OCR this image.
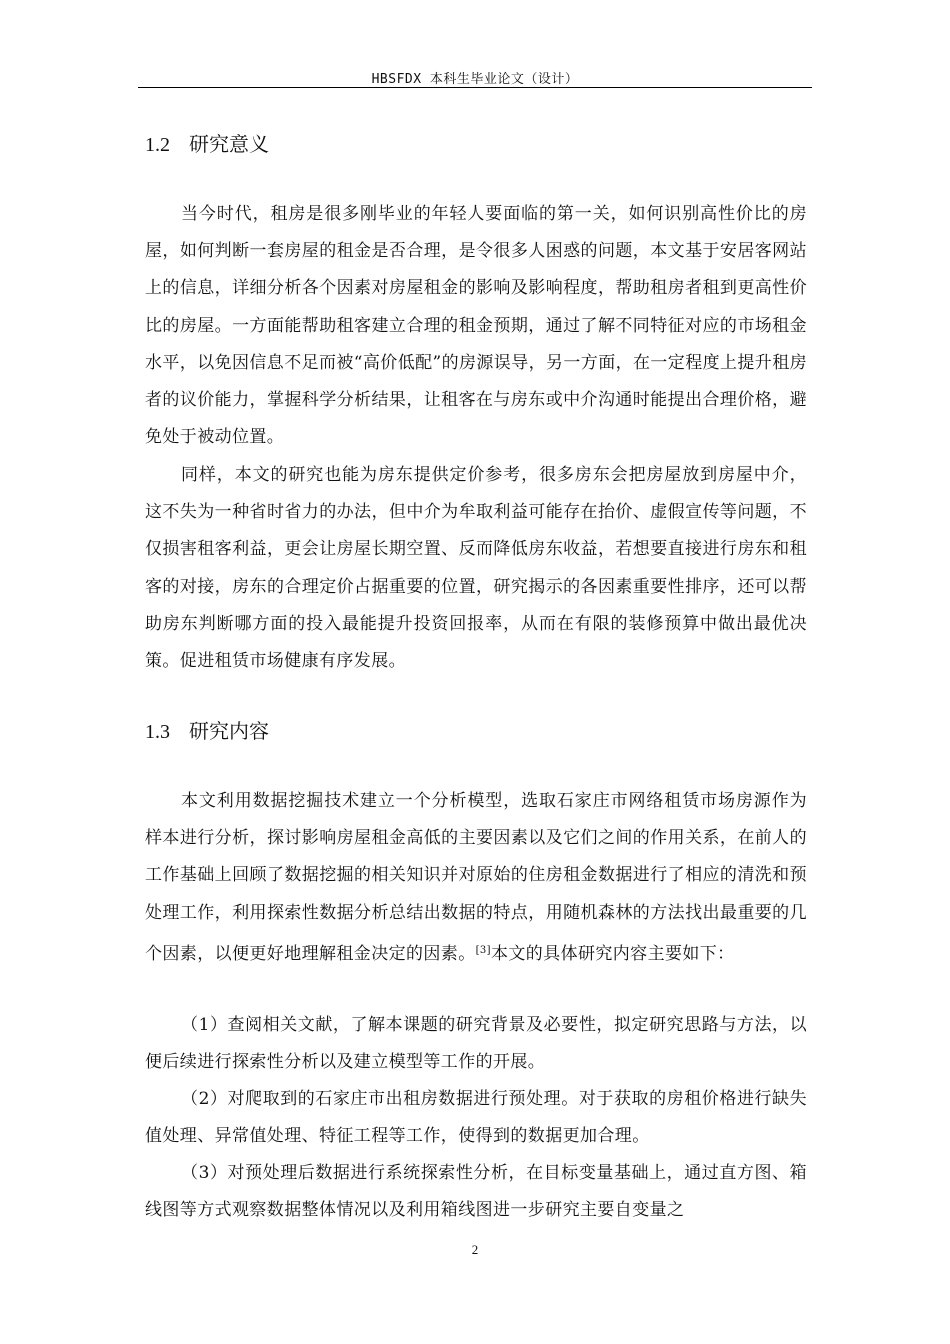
HBSFDX 本科生毕业论文（设计）
1.2 研究意义

当今时代，租房是很多刚毕业的年轻人要面临的第一关，如何识别高性价比的房屋，如何判断一套房屋的租金是否合理，是令很多人困惑的问题，本文基于安居客网站上的信息，详细分析各个因素对房屋租金的影响及影响程度，帮助租房者租到更高性价比的房屋。一方面能帮助租客建立合理的租金预期，通过了解不同特征对应的市场租金水平，以免因信息不足而被“高价低配”的房源误导，另一方面，在一定程度上提升租房者的议价能力，掌握科学分析结果，让租客在与房东或中介沟通时能提出合理价格，避免处于被动位置。

同样，本文的研究也能为房东提供定价参考，很多房东会把房屋放到房屋中介，这不失为一种省时省力的办法，但中介为牟取利益可能存在抬价、虚假宣传等问题，不仅损害租客利益，更会让房屋长期空置、反而降低房东收益，若想要直接进行房东和租客的对接，房东的合理定价占据重要的位置，研究揭示的各因素重要性排序，还可以帮助房东判断哪方面的投入最能提升投资回报率，从而在有限的装修预算中做出最优决策。促进租赁市场健康有序发展。

1.3 研究内容

本文利用数据挖掘技术建立一个分析模型，选取石家庄市网络租赁市场房源作为样本进行分析，探讨影响房屋租金高低的主要因素以及它们之间的作用关系，在前人的工作基础上回顾了数据挖掘的相关知识并对原始的住房租金数据进行了相应的清洗和预处理工作，利用探索性数据分析总结出数据的特点，用随机森林的方法找出最重要的几个因素，以便更好地理解租金决定的因素。[3]本文的具体研究内容主要如下：

（1）查阅相关文献，了解本课题的研究背景及必要性，拟定研究思路与方法，以便后续进行探索性分析以及建立模型等工作的开展。

（2）对爬取到的石家庄市出租房数据进行预处理。对于获取的房租价格进行缺失值处理、异常值处理、特征工程等工作，使得到的数据更加合理。

（3）对预处理后数据进行系统探索性分析，在目标变量基础上，通过直方图、箱线图等方式观察数据整体情况以及利用箱线图进一步研究主要自变量之

2
